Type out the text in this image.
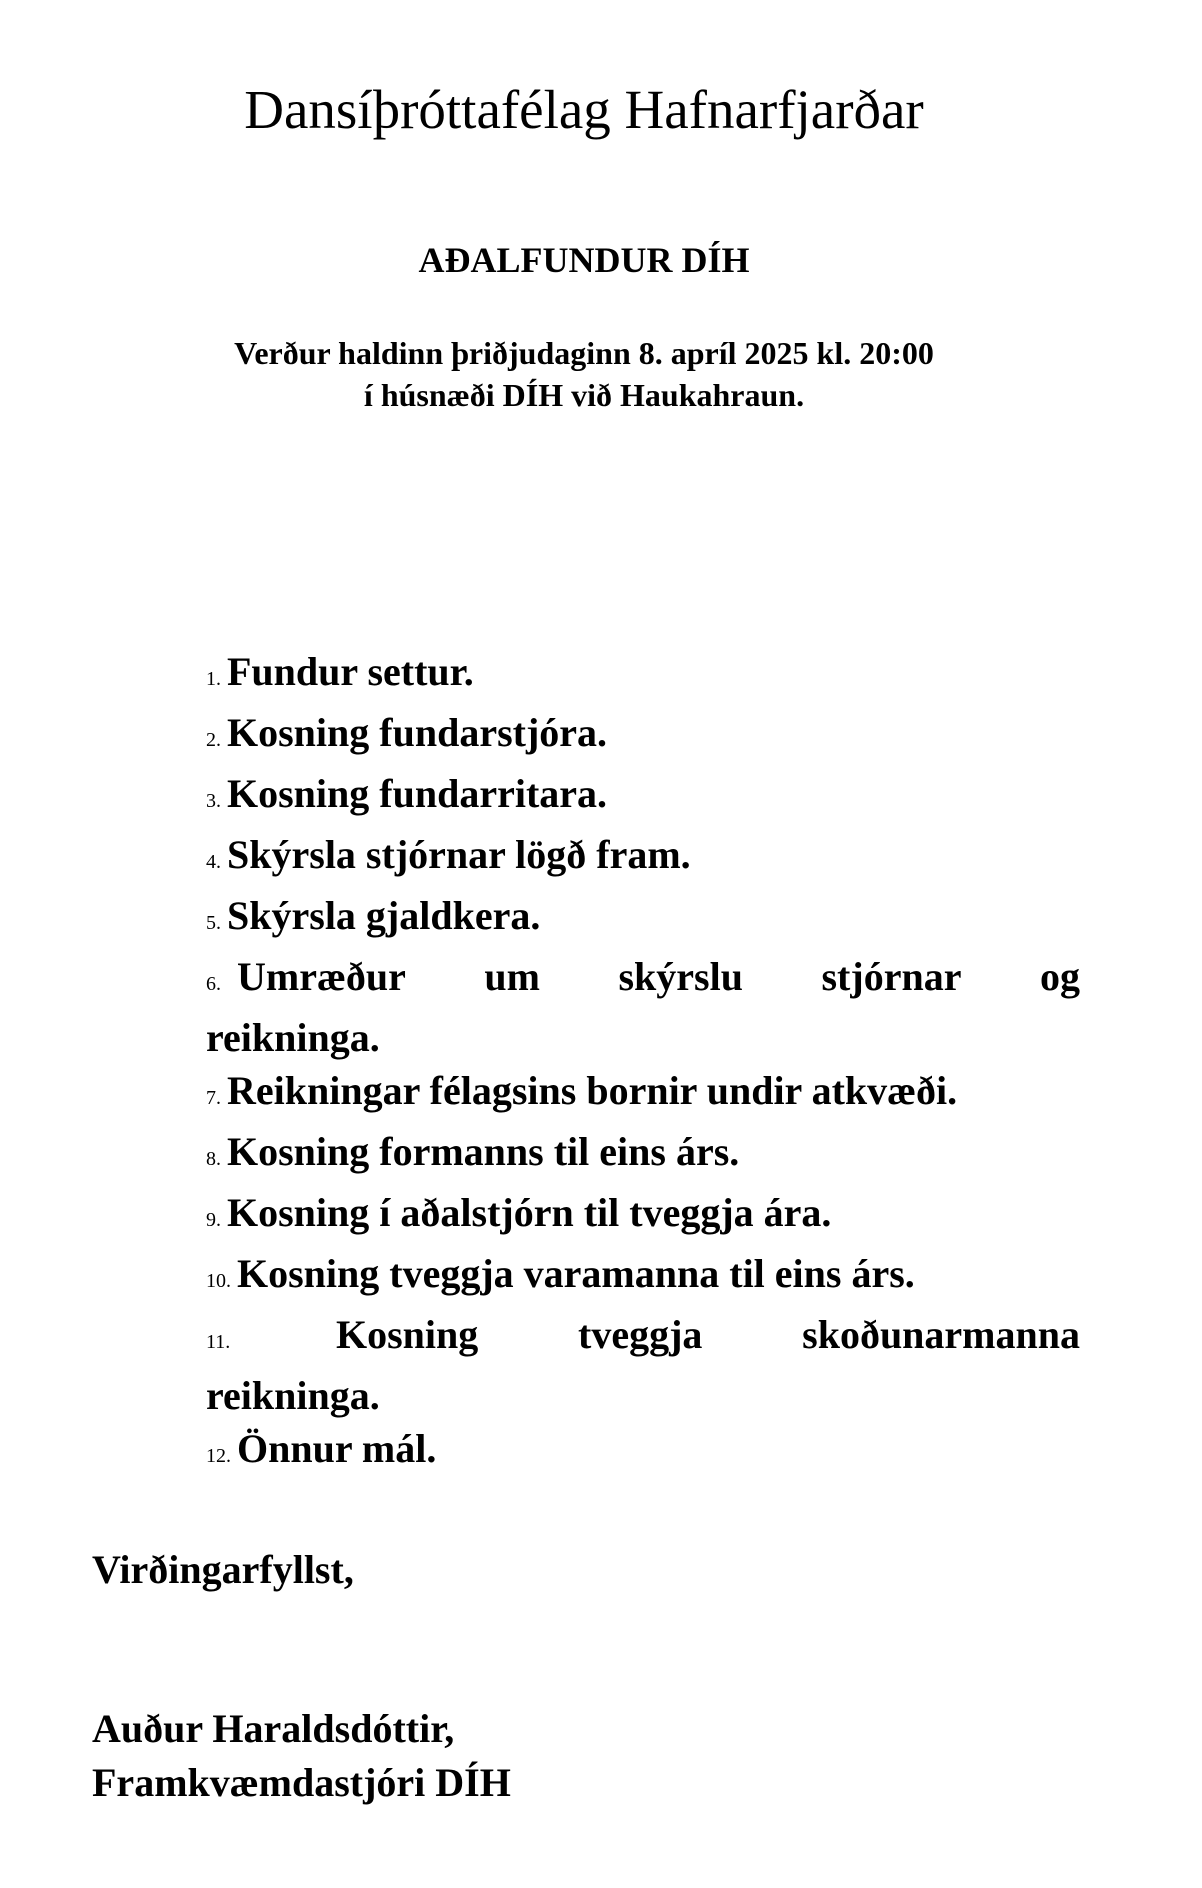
Dansíþróttafélag Hafnarfjarðar
AÐALFUNDUR DÍH
Verður haldinn þriðjudaginn 8. apríl 2025 kl. 20:00
í húsnæði DÍH við Haukahraun.
1. Fundur settur.
2. Kosning fundarstjóra.
3. Kosning fundarritara.
4. Skýrsla stjórnar lögð fram.
5. Skýrsla gjaldkera.
6. Umræður um skýrslu stjórnar og
reikninga.
7. Reikningar félagsins bornir undir atkvæði.
8. Kosning formanns til eins árs.
9. Kosning í aðalstjórn til tveggja ára.
10. Kosning tveggja varamanna til eins árs.
11.	Kosning tveggja skoðunarmanna
reikninga.
12. Önnur mál.
Virðingarfyllst,
Auður Haraldsdóttir,
Framkvæmdastjóri DÍH
